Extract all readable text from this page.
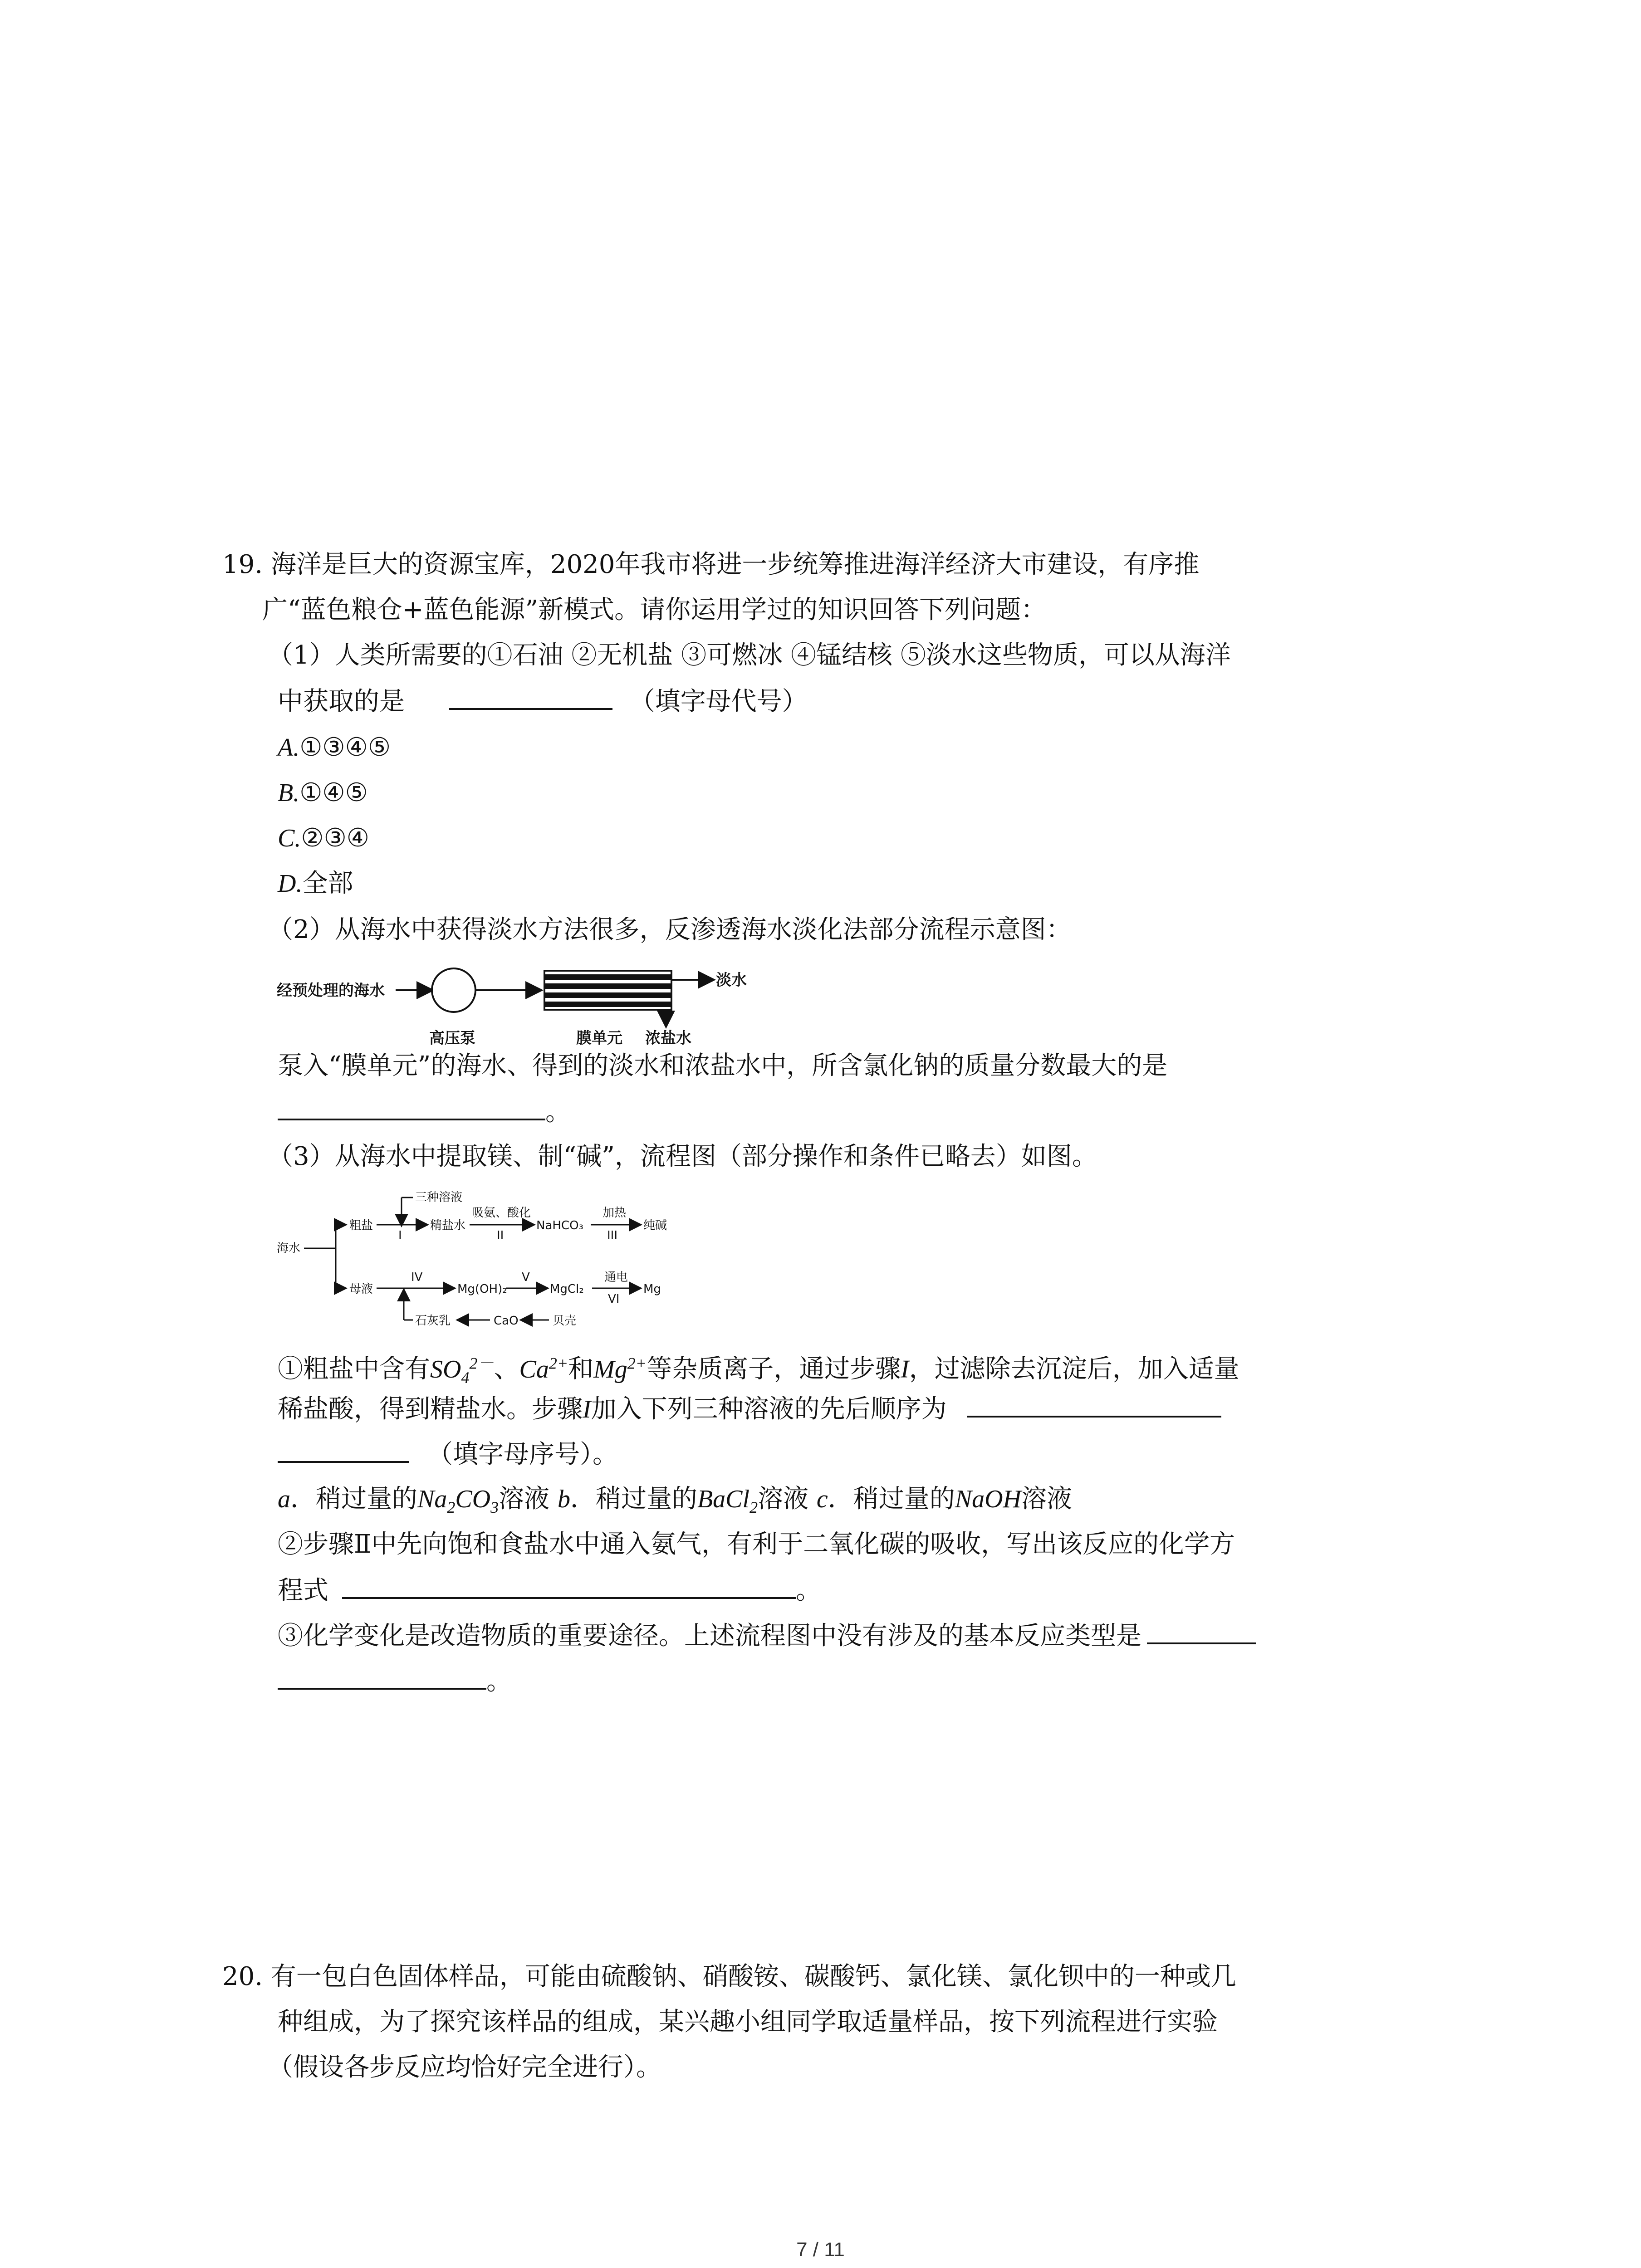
19. 海洋是巨大的资源宝库，2020年我市将进一步统筹推进海洋经济大市建设，有序推
广“蓝色粮仓+蓝色能源”新模式。请你运用学过的知识回答下列问题：
（1）人类所需要的①石油 ②无机盐 ③可燃冰 ④锰结核 ⑤淡水这些物质，可以从海洋
中获取的是	（填字母代号）
A.①③④⑤
B.①④⑤
C.②③④
D.全部
（2）从海水中获得淡水方法很多，反渗透海水淡化法部分流程示意图：
经预处理的海水
淡水
高压泵	膜单元 浓盐水
泵入“膜单元”的海水、得到的淡水和浓盐水中，所含氯化钠的质量分数最大的是
。
（3）从海水中提取镁、制“碱”，流程图（部分操作和条件已略去）如图。
海水
粗盐
三种溶液
I
精盐水
吸氨、酸化
II
NaHCO₃
加热
III
纯碱
母液
IV
Mg(OH)₂
V
MgCl₂
通电
VI
Mg
石灰乳	CaO	贝壳
①粗盐中含有$SO_4^{2-}$、$Ca^{2+}$和$Mg^{2+}$等杂质离子，通过步骤I，过滤除去沉淀后，加入适量
稀盐酸，得到精盐水。步骤I加入下列三种溶液的先后顺序为
（填字母序号）。
a．稍过量的$Na_2CO_3$溶液 b．稍过量的BaCl$_2$溶液 c．稍过量的NaOH溶液
②步骤Ⅱ中先向饱和食盐水中通入氨气，有利于二氧化碳的吸收，写出该反应的化学方
程式	。
③化学变化是改造物质的重要途径。上述流程图中没有涉及的基本反应类型是
。
20. 有一包白色固体样品，可能由硫酸钠、硝酸铵、碳酸钙、氯化镁、氯化钡中的一种或几
种组成，为了探究该样品的组成，某兴趣小组同学取适量样品，按下列流程进行实验
（假设各步反应均恰好完全进行）。
7 / 11
